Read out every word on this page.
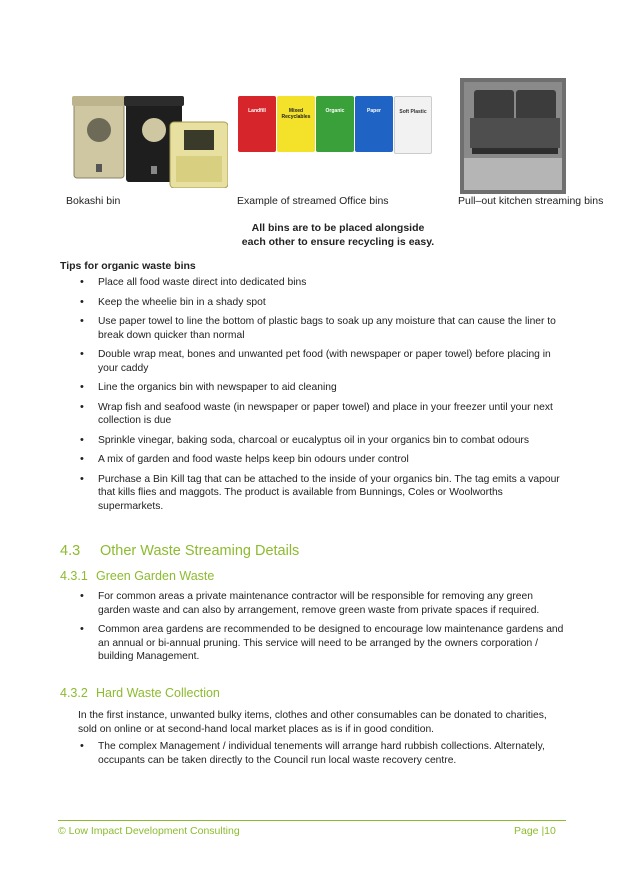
Landfill	Mixed Recyclables
Organic	Paper	Soft Plastic
Bokashi bin	Example of streamed Office bins	Pull–out kitchen streaming bins
All bins are to be placed alongside
each other to ensure recycling is easy.
Tips for organic waste bins
• Place all food waste direct into dedicated bins
• Keep the wheelie bin in a shady spot
• Use paper towel to line the bottom of plastic bags to soak up any moisture that can cause the liner to break down quicker than normal
• Double wrap meat, bones and unwanted pet food (with newspaper or paper towel) before placing in your caddy
• Line the organics bin with newspaper to aid cleaning
• Wrap fish and seafood waste (in newspaper or paper towel) and place in your freezer until your next collection is due
• Sprinkle vinegar, baking soda, charcoal or eucalyptus oil in your organics bin to combat odours
• A mix of garden and food waste helps keep bin odours under control
• Purchase a Bin Kill tag that can be attached to the inside of your organics bin. The tag emits a vapour that kills flies and maggots. The product is available from Bunnings, Coles or Woolworths supermarkets.
4.3 Other Waste Streaming Details
4.3.1 Green Garden Waste
• For common areas a private maintenance contractor will be responsible for removing any green garden waste and can also by arrangement, remove green waste from private spaces if required.
• Common area gardens are recommended to be designed to encourage low maintenance gardens and an annual or bi-annual pruning. This service will need to be arranged by the owners corporation / building Management.
4.3.2 Hard Waste Collection
In the first instance, unwanted bulky items, clothes and other consumables can be donated to charities, sold on online or at second-hand local market places as is if in good condition.
• The complex Management / individual tenements will arrange hard rubbish collections. Alternately, occupants can be taken directly to the Council run local waste recovery centre.
© Low Impact Development Consulting	Page |10
